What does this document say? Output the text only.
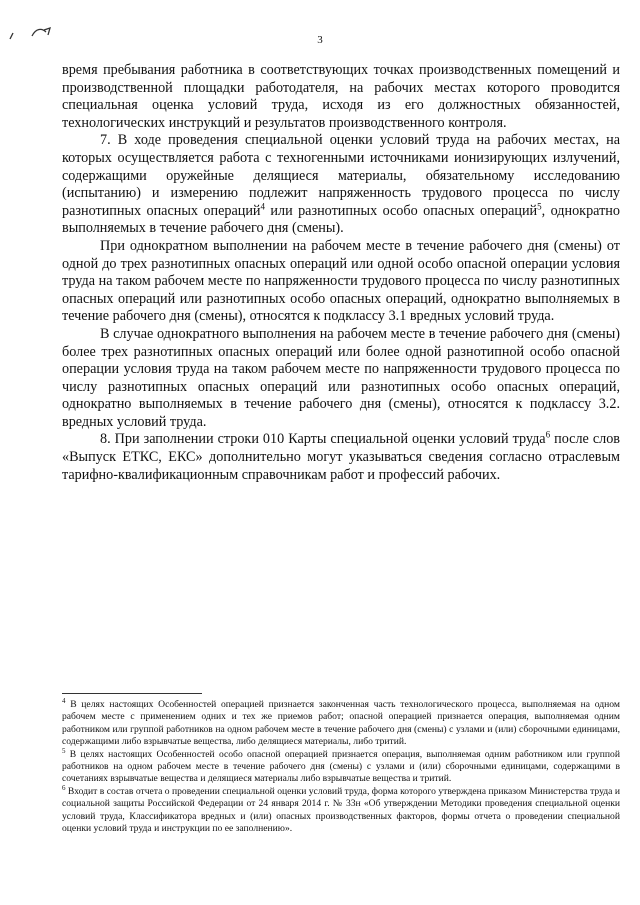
3

время пребывания работника в соответствующих точках производственных помещений и производственной площадки работодателя, на рабочих местах которого проводится специальная оценка условий труда, исходя из его должностных обязанностей, технологических инструкций и результатов производственного контроля.

7. В ходе проведения специальной оценки условий труда на рабочих местах, на которых осуществляется работа с техногенными источниками ионизирующих излучений, содержащими оружейные делящиеся материалы, обязательному исследованию (испытанию) и измерению подлежит напряженность трудового процесса по числу разнотипных опасных операций$^4$ или разнотипных особо опасных операций$^5$, однократно выполняемых в течение рабочего дня (смены).

При однократном выполнении на рабочем месте в течение рабочего дня (смены) от одной до трех разнотипных опасных операций или одной особо опасной операции условия труда на таком рабочем месте по напряженности трудового процесса по числу разнотипных опасных операций или разнотипных особо опасных операций, однократно выполняемых в течение рабочего дня (смены), относятся к подклассу 3.1 вредных условий труда.

В случае однократного выполнения на рабочем месте в течение рабочего дня (смены) более трех разнотипных опасных операций или более одной разнотипной особо опасной операции условия труда на таком рабочем месте по напряженности трудового процесса по числу разнотипных опасных операций или разнотипных особо опасных операций, однократно выполняемых в течение рабочего дня (смены), относятся к подклассу 3.2. вредных условий труда.

8. При заполнении строки 010 Карты специальной оценки условий труда$^6$ после слов «Выпуск ЕТКС, ЕКС» дополнительно могут указываться сведения согласно отраслевым тарифно-квалификационным справочникам работ и профессий рабочих.

$^4$ В целях настоящих Особенностей операцией признается законченная часть технологического процесса, выполняемая на одном рабочем месте с применением одних и тех же приемов работ; опасной операцией признается операция, выполняемая одним работником или группой работников на одном рабочем месте в течение рабочего дня (смены) с узлами и (или) сборочными единицами, содержащими либо взрывчатые вещества, либо делящиеся материалы, либо тритий.

$^5$ В целях настоящих Особенностей особо опасной операцией признается операция, выполняемая одним работником или группой работников на одном рабочем месте в течение рабочего дня (смены) с узлами и (или) сборочными единицами, содержащими в сочетаниях взрывчатые вещества и делящиеся материалы либо взрывчатые вещества и тритий.

$^6$ Входит в состав отчета о проведении специальной оценки условий труда, форма которого утверждена приказом Министерства труда и социальной защиты Российской Федерации от 24 января 2014 г. № 33н «Об утверждении Методики проведения специальной оценки условий труда, Классификатора вредных и (или) опасных производственных факторов, формы отчета о проведении специальной оценки условий труда и инструкции по ее заполнению».
